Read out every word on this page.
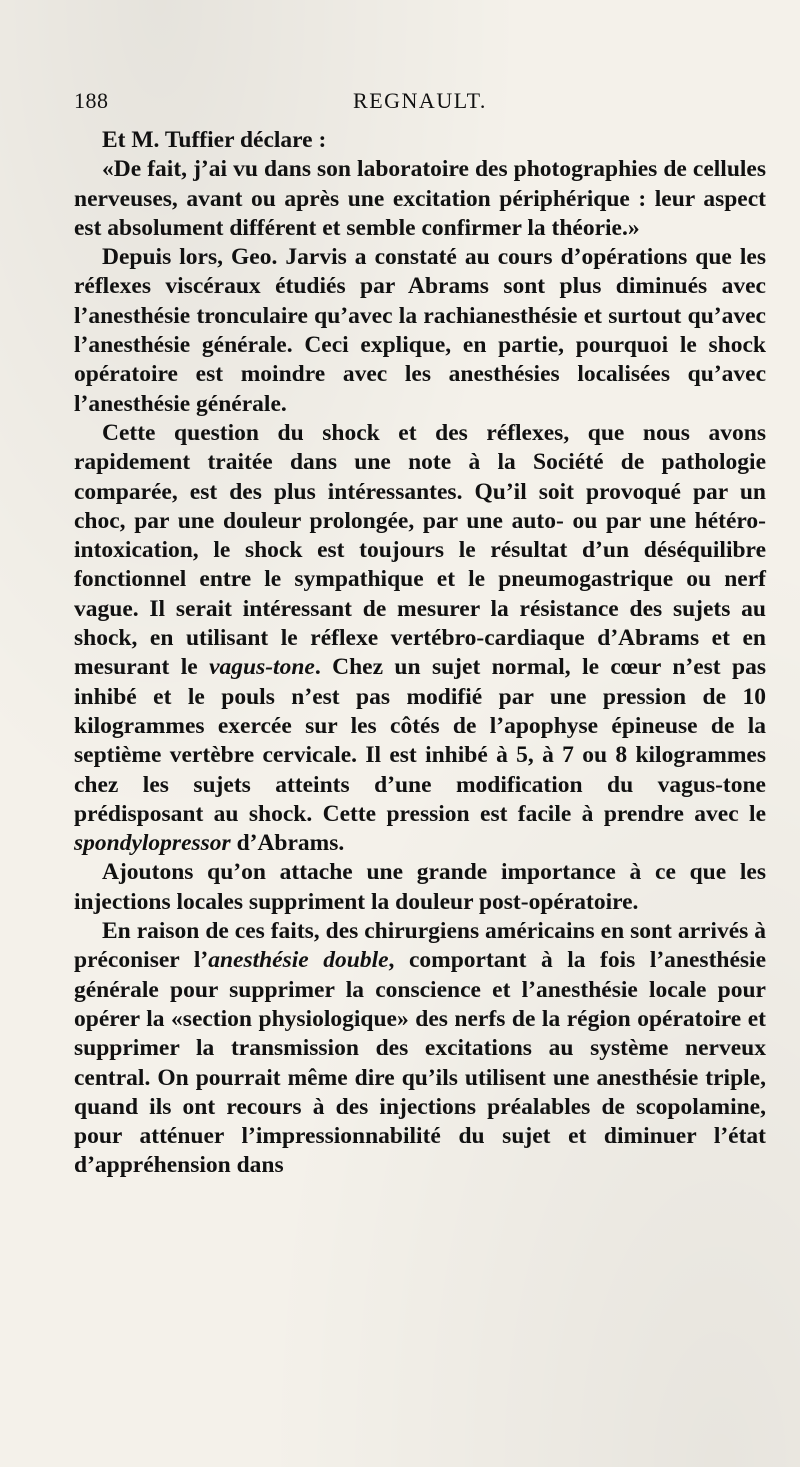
188	REGNAULT.

Et M. Tuffier déclare :

«De fait, j’ai vu dans son laboratoire des photographies de cellules nerveuses, avant ou après une excitation périphérique : leur aspect est absolument différent et semble confirmer la théorie.»

Depuis lors, Geo. Jarvis a constaté au cours d’opérations que les réflexes viscéraux étudiés par Abrams sont plus diminués avec l’anesthésie tronculaire qu’avec la rachianesthésie et surtout qu’avec l’anesthésie générale. Ceci explique, en partie, pourquoi le shock opératoire est moindre avec les anesthésies localisées qu’avec l’anesthésie générale.

Cette question du shock et des réflexes, que nous avons rapidement traitée dans une note à la Société de pathologie comparée, est des plus intéressantes. Qu’il soit provoqué par un choc, par une douleur prolongée, par une auto- ou par une hétéro-intoxication, le shock est toujours le résultat d’un déséquilibre fonctionnel entre le sympathique et le pneumogastrique ou nerf vague. Il serait intéressant de mesurer la résistance des sujets au shock, en utilisant le réflexe vertébro-cardiaque d’Abrams et en mesurant le vagus-tone. Chez un sujet normal, le cœur n’est pas inhibé et le pouls n’est pas modifié par une pression de 10 kilogrammes exercée sur les côtés de l’apophyse épineuse de la septième vertèbre cervicale. Il est inhibé à 5, à 7 ou 8 kilogrammes chez les sujets atteints d’une modification du vagus-tone prédisposant au shock. Cette pression est facile à prendre avec le spondylopressor d’Abrams.

Ajoutons qu’on attache une grande importance à ce que les injections locales suppriment la douleur post-opératoire.

En raison de ces faits, des chirurgiens américains en sont arrivés à préconiser l’anesthésie double, comportant à la fois l’anesthésie générale pour supprimer la conscience et l’anesthésie locale pour opérer la «section physiologique» des nerfs de la région opératoire et supprimer la transmission des excitations au système nerveux central. On pourrait même dire qu’ils utilisent une anesthésie triple, quand ils ont recours à des injections préalables de scopolamine, pour atténuer l’impressionnabilité du sujet et diminuer l’état d’appréhension dans
